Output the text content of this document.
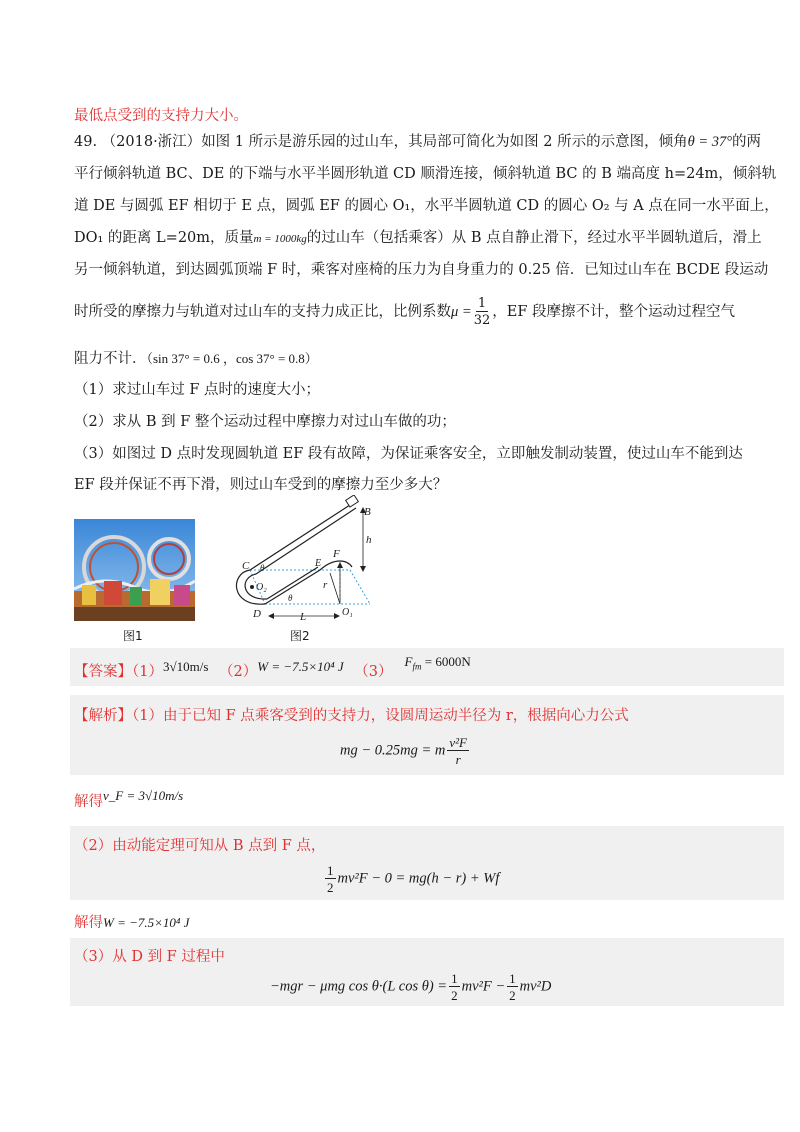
最低点受到的支持力大小。
49. （2018·浙江）如图 1 所示是游乐园的过山车，其局部可简化为如图 2 所示的示意图，倾角θ = 37°的两
平行倾斜轨道 BC、DE 的下端与水平半圆形轨道 CD 顺滑连接，倾斜轨道 BC 的 B 端高度 h=24m，倾斜轨
道 DE 与圆弧 EF 相切于 E 点，圆弧 EF 的圆心 O₁，水平半圆轨道 CD 的圆心 O₂ 与 A 点在同一水平面上，
DO₁ 的距离 L=20m，质量m = 1000kg的过山车（包括乘客）从 B 点自静止滑下，经过水平半圆轨道后，滑上
另一倾斜轨道，到达圆弧顶端 F 时，乘客对座椅的压力为自身重力的 0.25 倍．已知过山车在 BCDE 段运动
时所受的摩擦力与轨道对过山车的支持力成正比，比例系数$\mu = \frac{1}{32}$ ，EF 段摩擦不计，整个运动过程空气
阻力不计．（sin 37° = 0.6 ，cos 37° = 0.8）
（1）求过山车过 F 点时的速度大小；
（2）求从 B 到 F 整个运动过程中摩擦力对过山车做的功；
（3）如图过 D 点时发现圆轨道 EF 段有故障，为保证乘客安全，立即触发制动装置，使过山车不能到达
EF 段并保证不再下滑，则过山车受到的摩擦力至少多大？
图1
B
h
C θ
O₂
E
F
r
D
θ
L	O₁
图2
【答案】（1）3√10m/s （2）W = −7.5×10⁴ J $(3)F_{fm} = 6000N$
【解析】（1）由于已知 F 点乘客受到的支持力，设圆周运动半径为 r，根据向心力公式
mg − 0.25mg = m $\frac{\text{v²F}}{r}$
解得v_F = 3√10m/s
（2）由动能定理可知从 B 点到 F 点，
$\frac{1}{2} mv^2F - 0 = mg(h - r) + Wf$
解得W = −7.5×10⁴ J
（3）从 D 到 F 过程中
−mgr − μmg cos θ·(L $\cos \theta) = \frac{1}{2} mv^2F - \frac{1}{2} mv^2D$
